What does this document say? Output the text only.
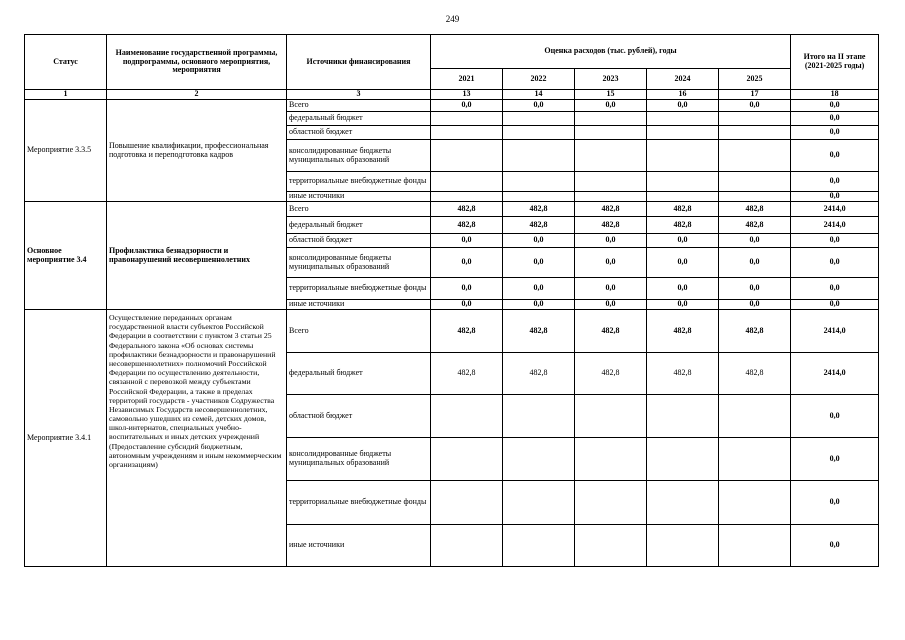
249
Статус	Наименование государственной программы, подпрограммы, основного мероприятия, мероприятия	Источники финансирования	Оценка расходов (тыс. рублей), годы					Итого на II этапе (2021-2025 годы)
			2021	2022	2023	2024	2025	
1	2	3	13	14	15	16	17	18
Мероприятие 3.3.5	Повышение квалификации, профессиональная подготовка и переподготовка кадров	Всего	0,0	0,0	0,0	0,0	0,0	0,0
		федеральный бюджет						0,0
		областной бюджет						0,0
		консолидированные бюджеты муниципальных образований						0,0
		территориальные внебюджетные фонды						0,0
		иные источники						0,0
Основное мероприятие 3.4	Профилактика безнадзорности и правонарушений несовершеннолетних	Всего	482,8	482,8	482,8	482,8	482,8	2414,0
		федеральный бюджет	482,8	482,8	482,8	482,8	482,8	2414,0
		областной бюджет	0,0	0,0	0,0	0,0	0,0	0,0
		консолидированные бюджеты муниципальных образований	0,0	0,0	0,0	0,0	0,0	0,0
		территориальные внебюджетные фонды	0,0	0,0	0,0	0,0	0,0	0,0
		иные источники	0,0	0,0	0,0	0,0	0,0	0,0
Мероприятие 3.4.1	Осуществление переданных органам государственной власти субъектов Российской Федерации в соответствии с пунктом 3 статьи 25 Федерального закона «Об основах системы профилактики безнадзорности и правонарушений несовершеннолетних» полномочий Российской Федерации по осуществлению деятельности, связанной с перевозкой между субъектами Российской Федерации, а также в пределах территорий государств - участников Содружества Независимых Государств несовершеннолетних, самовольно ушедших из семей, детских домов, школ-интернатов, специальных учебно-воспитательных и иных детских учреждений (Предоставление субсидий бюджетным, автономным учреждениям и иным некоммерческим организациям)	Всего	482,8	482,8	482,8	482,8	482,8	2414,0
		федеральный бюджет	482,8	482,8	482,8	482,8	482,8	2414,0
		областной бюджет						0,0
		консолидированные бюджеты муниципальных образований						0,0
		территориальные внебюджетные фонды						0,0
		иные источники						0,0
